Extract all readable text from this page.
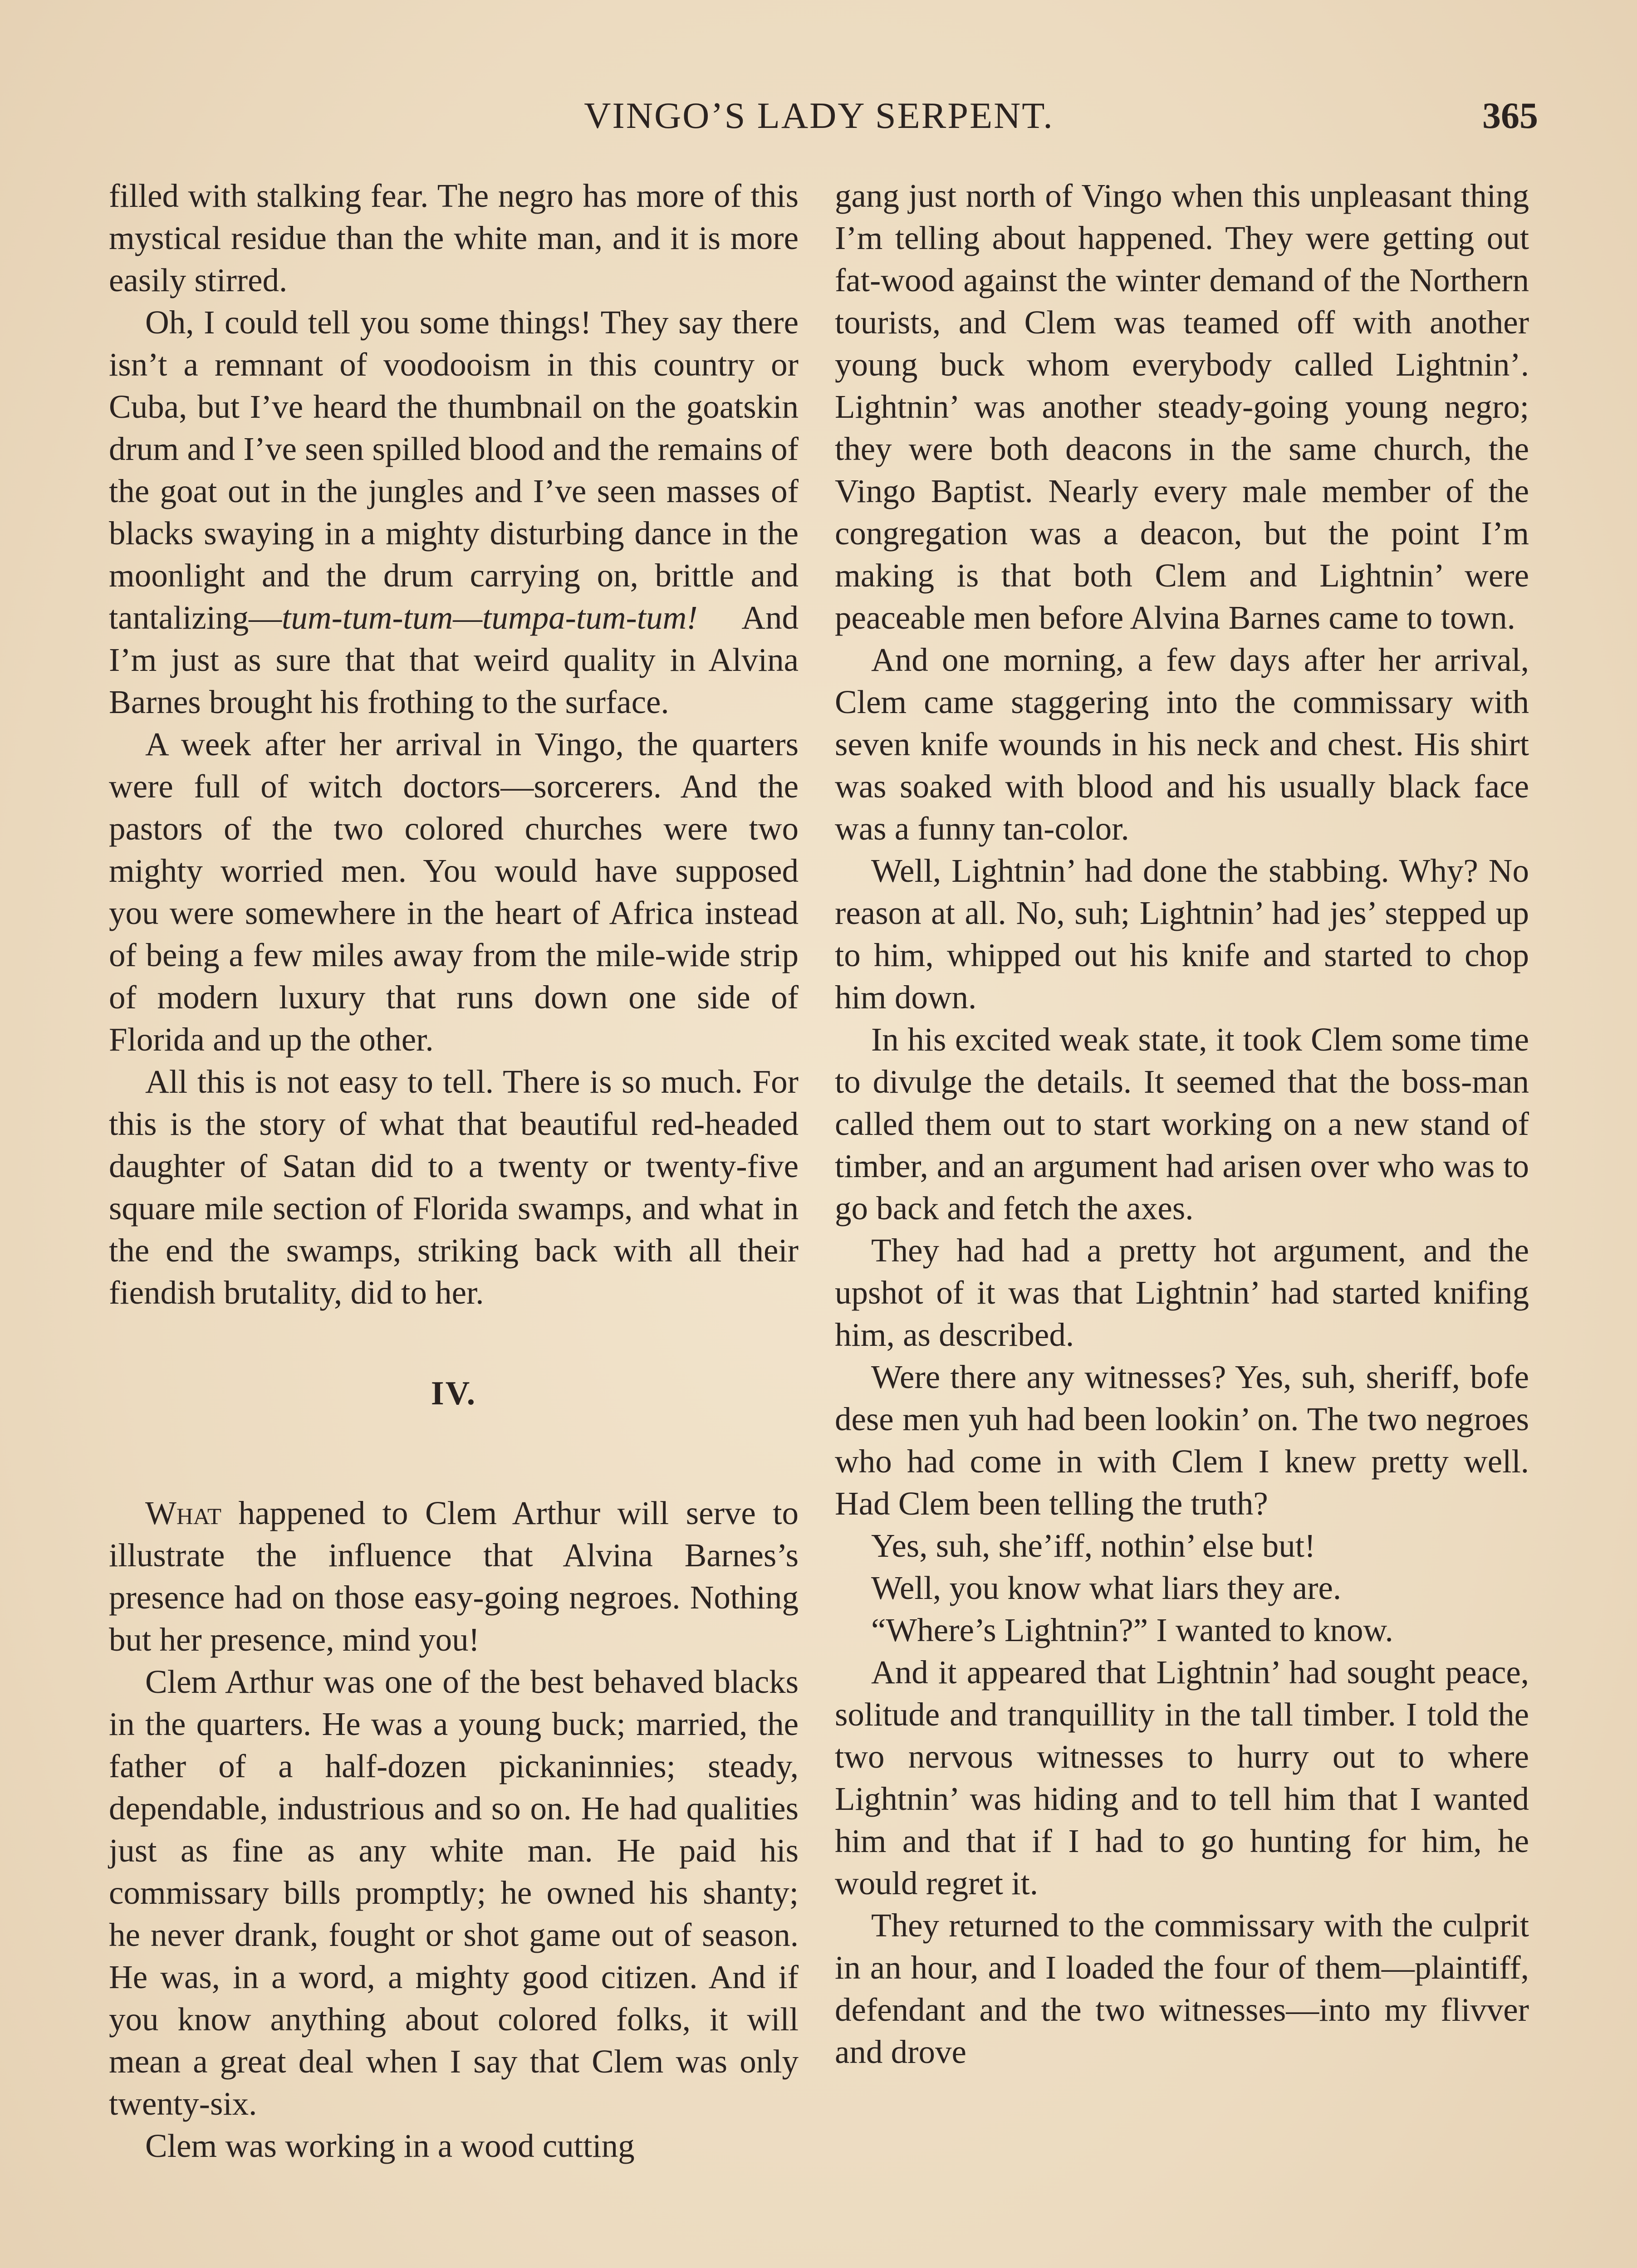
VINGO’S LADY SERPENT.	365

filled with stalking fear. The negro has more of this mystical residue than the white man, and it is more easily stirred.

Oh, I could tell you some things! They say there isn’t a remnant of voodooism in this country or Cuba, but I’ve heard the thumbnail on the goatskin drum and I’ve seen spilled blood and the remains of the goat out in the jungles and I’ve seen masses of blacks swaying in a mighty disturbing dance in the moonlight and the drum carrying on, brittle and tantalizing—tum-tum-tum—tumpa-tum-tum! And I’m just as sure that that weird quality in Alvina Barnes brought his frothing to the surface.

A week after her arrival in Vingo, the quarters were full of witch doctors—sorcerers. And the pastors of the two colored churches were two mighty worried men. You would have supposed you were somewhere in the heart of Africa instead of being a few miles away from the mile-wide strip of modern luxury that runs down one side of Florida and up the other.

All this is not easy to tell. There is so much. For this is the story of what that beautiful red-headed daughter of Satan did to a twenty or twenty-five square mile section of Florida swamps, and what in the end the swamps, striking back with all their fiendish brutality, did to her.

IV.

What happened to Clem Arthur will serve to illustrate the influence that Alvina Barnes’s presence had on those easy-going negroes. Nothing but her presence, mind you!

Clem Arthur was one of the best behaved blacks in the quarters. He was a young buck; married, the father of a half-dozen pickaninnies; steady, dependable, industrious and so on. He had qualities just as fine as any white man. He paid his commissary bills promptly; he owned his shanty; he never drank, fought or shot game out of season. He was, in a word, a mighty good citizen. And if you know anything about colored folks, it will mean a great deal when I say that Clem was only twenty-six.

Clem was working in a wood cutting

gang just north of Vingo when this unpleasant thing I’m telling about happened. They were getting out fat-wood against the winter demand of the Northern tourists, and Clem was teamed off with another young buck whom everybody called Lightnin’. Lightnin’ was another steady-going young negro; they were both deacons in the same church, the Vingo Baptist. Nearly every male member of the congregation was a deacon, but the point I’m making is that both Clem and Lightnin’ were peaceable men before Alvina Barnes came to town.

And one morning, a few days after her arrival, Clem came staggering into the commissary with seven knife wounds in his neck and chest. His shirt was soaked with blood and his usually black face was a funny tan-color.

Well, Lightnin’ had done the stabbing. Why? No reason at all. No, suh; Lightnin’ had jes’ stepped up to him, whipped out his knife and started to chop him down.

In his excited weak state, it took Clem some time to divulge the details. It seemed that the boss-man called them out to start working on a new stand of timber, and an argument had arisen over who was to go back and fetch the axes.

They had had a pretty hot argument, and the upshot of it was that Lightnin’ had started knifing him, as described.

Were there any witnesses? Yes, suh, sheriff, bofe dese men yuh had been lookin’ on. The two negroes who had come in with Clem I knew pretty well. Had Clem been telling the truth?

Yes, suh, she’iff, nothin’ else but!

Well, you know what liars they are.

“Where’s Lightnin?” I wanted to know.

And it appeared that Lightnin’ had sought peace, solitude and tranquillity in the tall timber. I told the two nervous witnesses to hurry out to where Lightnin’ was hiding and to tell him that I wanted him and that if I had to go hunting for him, he would regret it.

They returned to the commissary with the culprit in an hour, and I loaded the four of them—plaintiff, defendant and the two witnesses—into my flivver and drove
